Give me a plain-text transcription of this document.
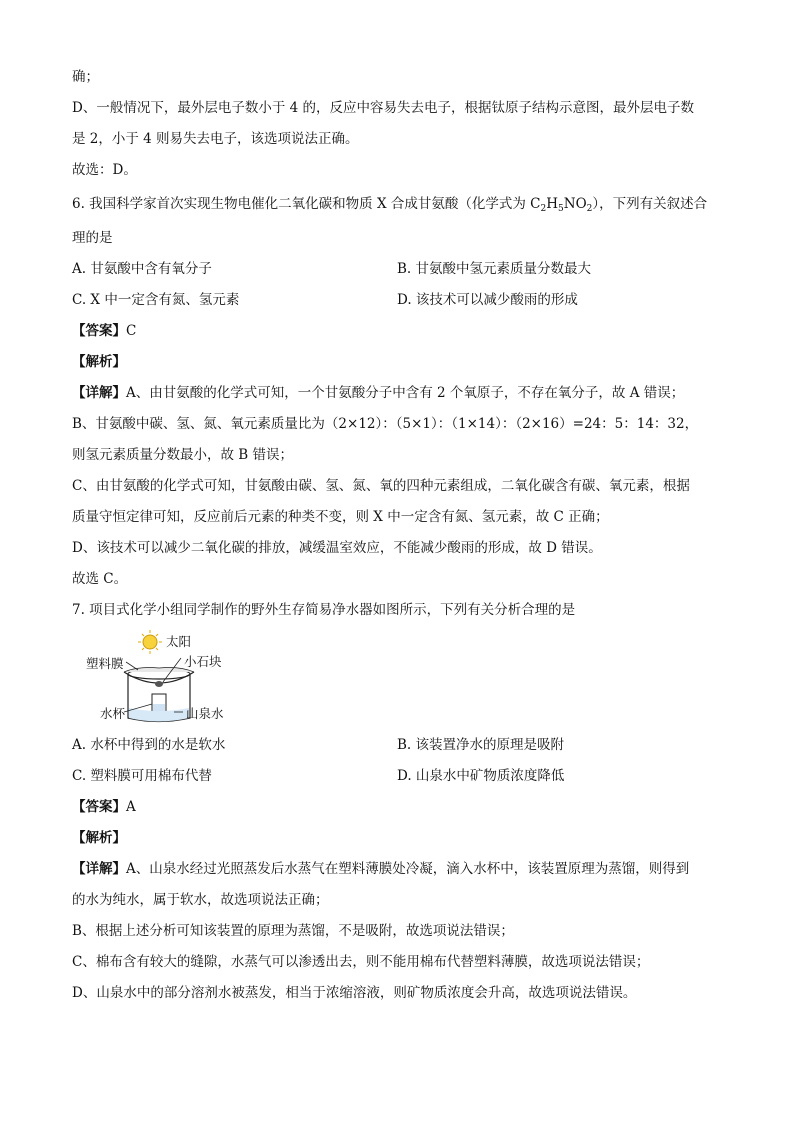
确；
D、一般情况下，最外层电子数小于 4 的，反应中容易失去电子，根据钛原子结构示意图，最外层电子数
是 2，小于 4 则易失去电子，该选项说法正确。
故选：D。
6. 我国科学家首次实现生物电催化二氧化碳和物质 X 合成甘氨酸（化学式为 $C_2H_5NO_2$），下列有关叙述合
理的是
A. 甘氨酸中含有氧分子	B. 甘氨酸中氢元素质量分数最大
C. X 中一定含有氮、氢元素	D. 该技术可以减少酸雨的形成
【答案】C
【解析】
【详解】A、由甘氨酸的化学式可知，一个甘氨酸分子中含有 2 个氧原子，不存在氧分子，故 A 错误；
B、甘氨酸中碳、氢、氮、氧元素质量比为（2×12）：（5×1）：（1×14）：（2×16）=24：5：14：32，
则氢元素质量分数最小，故 B 错误；
C、由甘氨酸的化学式可知，甘氨酸由碳、氢、氮、氧的四种元素组成，二氧化碳含有碳、氧元素，根据
质量守恒定律可知，反应前后元素的种类不变，则 X 中一定含有氮、氢元素，故 C 正确；
D、该技术可以减少二氧化碳的排放，减缓温室效应，不能减少酸雨的形成，故 D 错误。
故选 C。
7. 项目式化学小组同学制作的野外生存简易净水器如图所示，下列有关分析合理的是
太阳
塑料膜	小石块
水杯	山泉水
A. 水杯中得到的水是软水	B. 该装置净水的原理是吸附
C. 塑料膜可用棉布代替	D. 山泉水中矿物质浓度降低
【答案】A
【解析】
【详解】A、山泉水经过光照蒸发后水蒸气在塑料薄膜处冷凝，滴入水杯中，该装置原理为蒸馏，则得到
的水为纯水，属于软水，故选项说法正确；
B、根据上述分析可知该装置的原理为蒸馏，不是吸附，故选项说法错误；
C、棉布含有较大的缝隙，水蒸气可以渗透出去，则不能用棉布代替塑料薄膜，故选项说法错误；
D、山泉水中的部分溶剂水被蒸发，相当于浓缩溶液，则矿物质浓度会升高，故选项说法错误。
